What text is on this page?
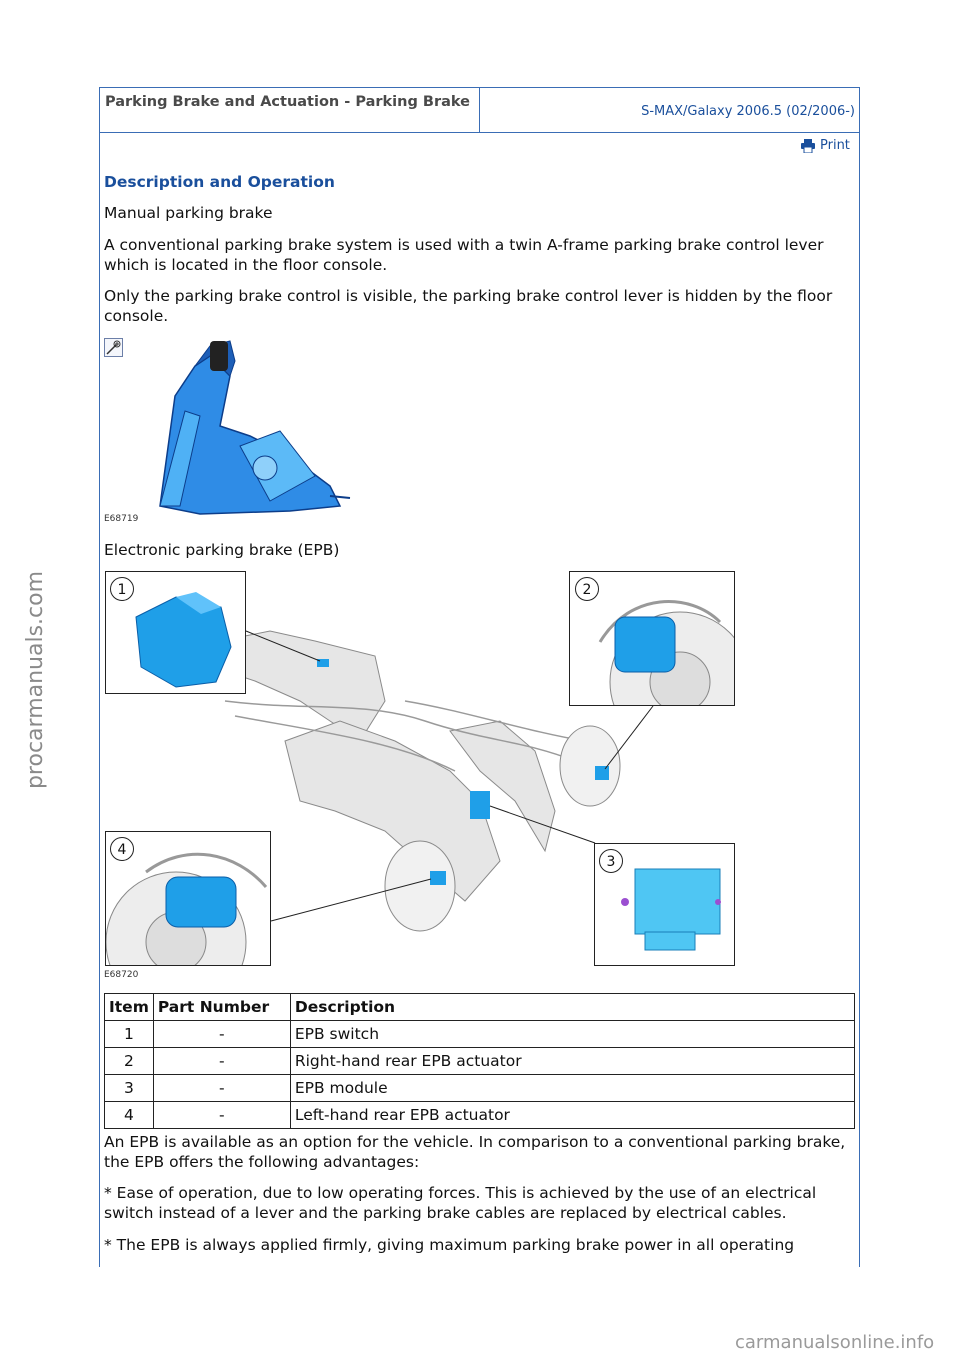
Parking Brake and Actuation - Parking Brake
S-MAX/Galaxy 2006.5 (02/2006-)
Print
Description and Operation
Manual parking brake
A conventional parking brake system is used with a twin A-frame parking brake control lever which is located in the floor console.
Only the parking brake control is visible, the parking brake control lever is hidden by the floor console.
E68719
Electronic parking brake (EPB)
1	2
4
3
E68720
Item	Part Number	Description
1	-	EPB switch
2	-	Right-hand rear EPB actuator
3	-	EPB module
4	-	Left-hand rear EPB actuator
An EPB is available as an option for the vehicle. In comparison to a conventional parking brake, the EPB offers the following advantages:
* Ease of operation, due to low operating forces. This is achieved by the use of an electrical switch instead of a lever and the parking brake cables are replaced by electrical cables.
* The EPB is always applied firmly, giving maximum parking brake power in all operating
procarmanuals.com
carmanualsonline.info
